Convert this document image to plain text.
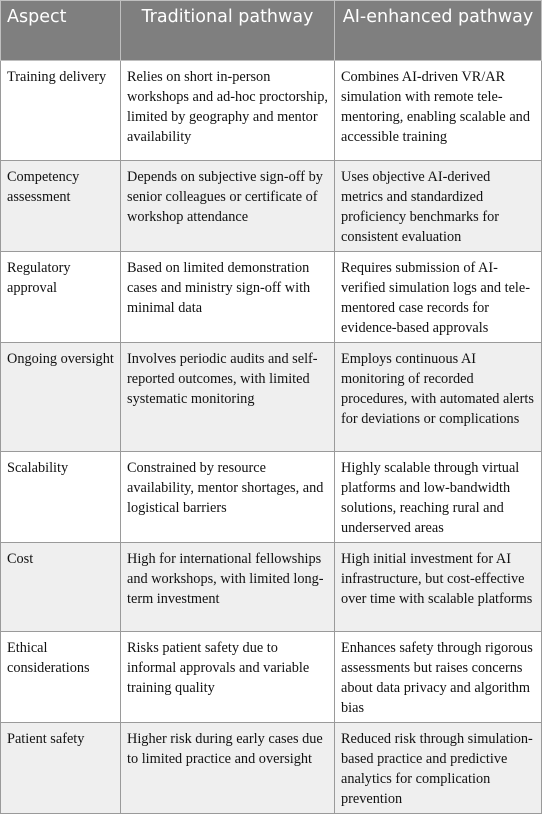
Aspect	Traditional pathway	AI-enhanced pathway
Training delivery	Relies on short in-person workshops and ad-hoc proctorship, limited by geography and mentor availability	Combines AI-driven VR/AR simulation with remote tele-mentoring, enabling scalable and accessible training
Competency assessment	Depends on subjective sign-off by senior colleagues or certificate of workshop attendance	Uses objective AI-derived metrics and standardized proficiency benchmarks for consistent evaluation
Regulatory approval	Based on limited demonstration cases and ministry sign-off with minimal data	Requires submission of AI-verified simulation logs and tele-mentored case records for evidence-based approvals
Ongoing oversight	Involves periodic audits and self-reported outcomes, with limited systematic monitoring	Employs continuous AI monitoring of recorded procedures, with automated alerts for deviations or complications
Scalability	Constrained by resource availability, mentor shortages, and logistical barriers	Highly scalable through virtual platforms and low-bandwidth solutions, reaching rural and underserved areas
Cost	High for international fellowships and workshops, with limited long-term investment	High initial investment for AI infrastructure, but cost-effective over time with scalable platforms
Ethical considerations	Risks patient safety due to informal approvals and variable training quality	Enhances safety through rigorous assessments but raises concerns about data privacy and algorithm bias
Patient safety	Higher risk during early cases due to limited practice and oversight	Reduced risk through simulation-based practice and predictive analytics for complication prevention
